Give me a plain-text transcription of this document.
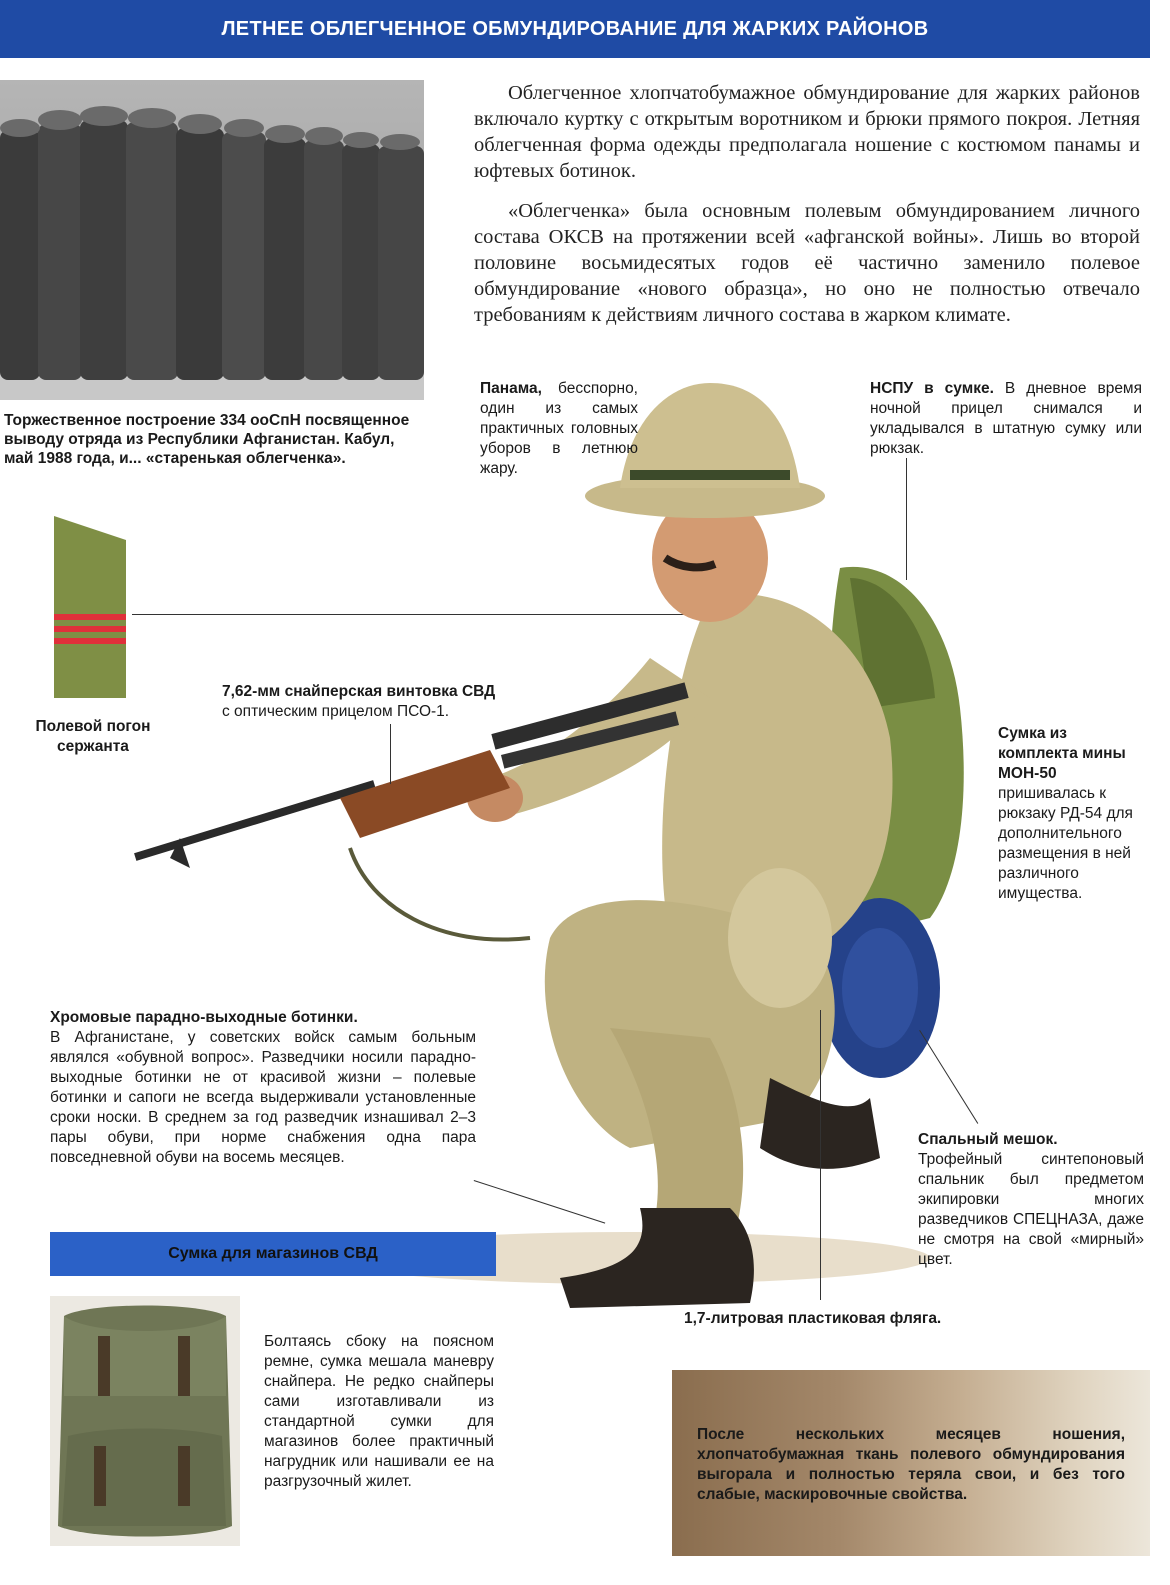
ЛЕТНЕЕ ОБЛЕГЧЕННОЕ ОБМУНДИРОВАНИЕ ДЛЯ ЖАРКИХ РАЙОНОВ

Облегченное хлопчатобумажное обмундирование для жарких районов включало куртку с открытым воротником и брюки прямого покроя. Летняя облегченная форма одежды предполагала ношение с костюмом панамы и юфтевых ботинок.

«Облегченка» была основным полевым обмундированием личного состава ОКСВ на протяжении всей «афганской войны». Лишь во второй половине восьмидесятых годов её частично заменило полевое обмундирование «нового образца», но оно не полностью отвечало требованиям к действиям личного состава в жарком климате.

Торжественное построение 334 ооСпН посвященное выводу отряда из Республики Афганистан. Кабул, май 1988 года, и... «старенькая облегченка».
Полевой погон сержанта
Панама, бесспорно, один из самых практичных головных уборов в летнюю жару.
НСПУ в сумке. В дневное время ночной прицел снимался и укладывался в штатную сумку или рюкзак.
7,62-мм снайперская винтовка СВД
с оптическим прицелом ПСО-1.
Сумка из комплекта мины МОН-50
пришивалась к рюкзаку РД-54 для дополнительного размещения в ней различного имущества.
Хромовые парадно-выходные ботинки.
В Афганистане, у советских войск самым больным являлся «обувной вопрос». Разведчики носили парадно-выходные ботинки не от красивой жизни – полевые ботинки и сапоги не всегда выдерживали установленные сроки носки. В среднем за год разведчик изнашивал 2–3 пары обуви, при норме снабжения одна пара повседневной обуви на восемь месяцев.
Спальный мешок.
Трофейный синтепоновый спальник был предметом экипировки многих разведчиков СПЕЦНАЗА, даже не смотря на свой «мирный» цвет.
1,7-литровая пластиковая фляга.
Сумка для магазинов СВД
Болтаясь сбоку на поясном ремне, сумка мешала маневру снайпера. Не редко снайперы сами изготавливали из стандартной сумки для магазинов более практичный нагрудник или нашивали ее на разгрузочный жилет.
После нескольких месяцев ношения, хлопчатобумажная ткань полевого обмундирования выгорала и полностью теряла свои, и без того слабые, маскировочные свойства.
